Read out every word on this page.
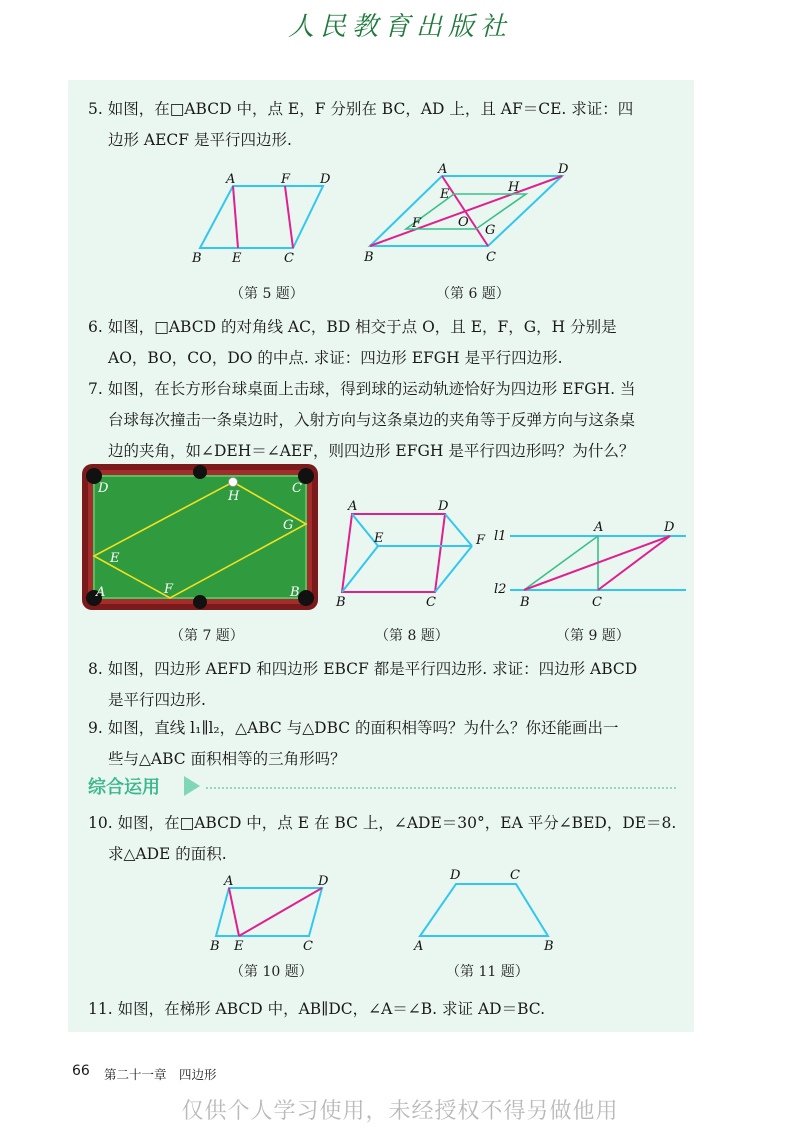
人民教育出版社
5. 如图，在□ABCD 中，点 E，F 分别在 BC，AD 上，且 AF＝CE. 求证：四
边形 AECF 是平行四边形.
A	F D
B E	C
（第 5 题）
A	D
E	H
O
F	G
B	C
（第 6 题）
6. 如图，□ABCD 的对角线 AC，BD 相交于点 O，且 E，F，G，H 分别是
AO，BO，CO，DO 的中点. 求证：四边形 EFGH 是平行四边形.
7. 如图，在长方形台球桌面上击球，得到球的运动轨迹恰好为四边形 EFGH. 当
台球每次撞击一条桌边时，入射方向与这条桌边的夹角等于反弹方向与这条桌
边的夹角，如∠DEH＝∠AEF，则四边形 EFGH 是平行四边形吗？为什么？
D
H
C
G
E
F
A	B
（第 7 题）
A	D
E	F
B	C
（第 8 题）
l1
A	D
l2
B	C
（第 9 题）
8. 如图，四边形 AEFD 和四边形 EBCF 都是平行四边形. 求证：四边形 ABCD
是平行四边形.
9. 如图，直线 l₁∥l₂，△ABC 与△DBC 的面积相等吗？为什么？你还能画出一
些与△ABC 面积相等的三角形吗？
综合运用
10. 如图，在□ABCD 中，点 E 在 BC 上，∠ADE＝30°，EA 平分∠BED，DE＝8.
求△ADE 的面积.
A	D
B E	C
（第 10 题）
D	C
A	B
（第 11 题）
11. 如图，在梯形 ABCD 中，AB∥DC，∠A＝∠B. 求证 AD＝BC.
66 第二十一章　四边形
仅供个人学习使用，未经授权不得另做他用
